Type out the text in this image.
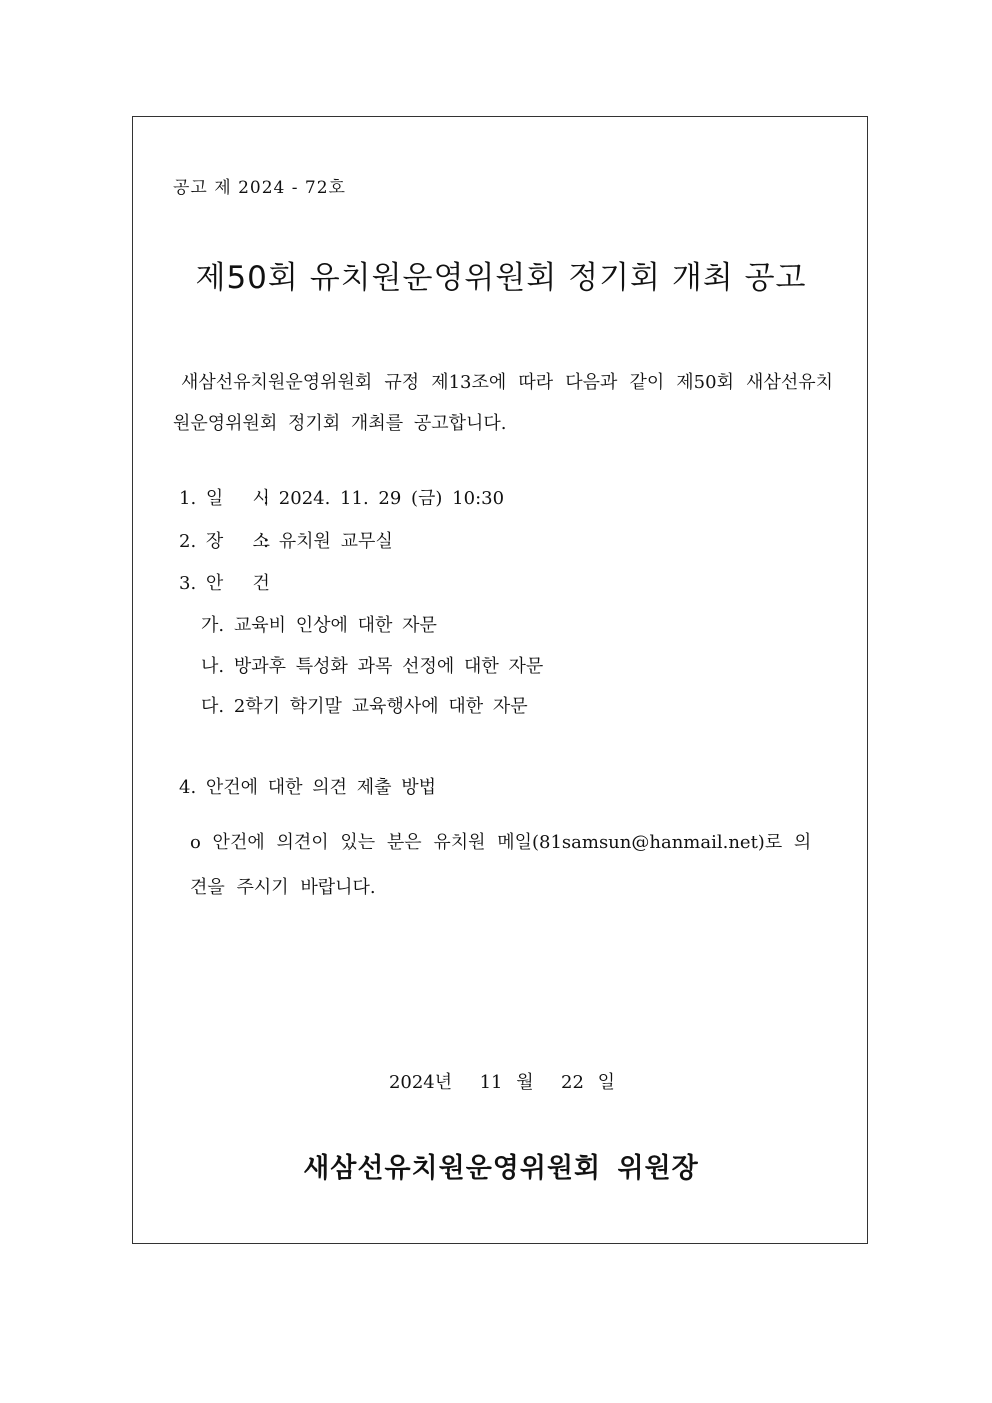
공고 제 2024 - 72호
제50회 유치원운영위원회 정기회 개최 공고
새삼선유치원운영위원회 규정 제13조에 따라 다음과 같이 제50회 새삼선유치원운영위원회 정기회 개최를 공고합니다.
1. 일   시: 2024. 11. 29 (금) 10:30
2. 장   소: 유치원 교무실
3. 안   건
가. 교육비 인상에 대한 자문
나. 방과후 특성화 과목 선정에 대한 자문
다. 2학기 학기말 교육행사에 대한 자문
4. 안건에 대한 의견 제출 방법
o 안건에 의견이 있는 분은 유치원 메일(81samsun@hanmail.net)로 의견을 주시기 바랍니다.
2024년  11 월  22 일
새삼선유치원운영위원회 위원장
